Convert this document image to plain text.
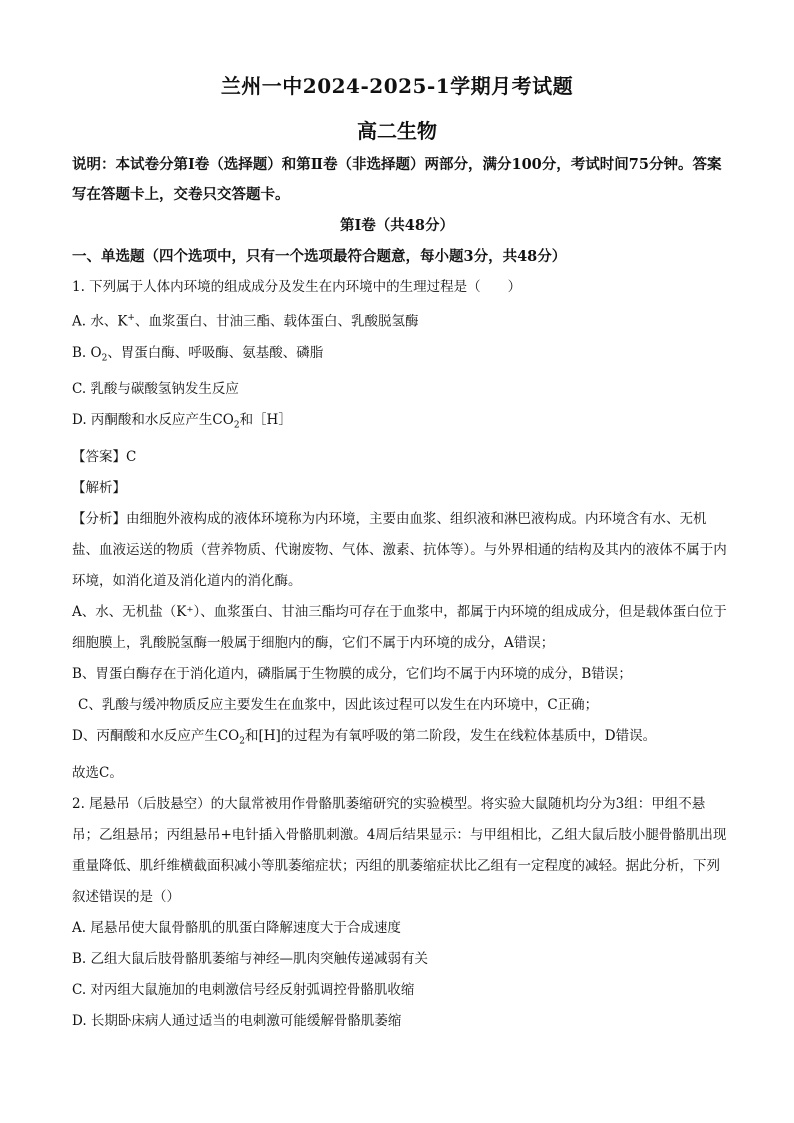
兰州一中2024-2025-1学期月考试题
高二生物
说明：本试卷分第Ⅰ卷（选择题）和第Ⅱ卷（非选择题）两部分，满分100分，考试时间75分钟。答案写在答题卡上，交卷只交答题卡。
第Ⅰ卷（共48分）
一、单选题（四个选项中，只有一个选项最符合题意，每小题3分，共48分）

1. 下列属于人体内环境的组成成分及发生在内环境中的生理过程是（　　）

A. 水、K+、血浆蛋白、甘油三酯、载体蛋白、乳酸脱氢酶

B. $O_2$、胃蛋白酶、呼吸酶、氨基酸、磷脂

C. 乳酸与碳酸氢钠发生反应

D. 丙酮酸和水反应产生$CO_2$和［H］

【答案】C

【解析】

【分析】由细胞外液构成的液体环境称为内环境，主要由血浆、组织液和淋巴液构成。内环境含有水、无机盐、血液运送的物质（营养物质、代谢废物、气体、激素、抗体等）。与外界相通的结构及其内的液体不属于内环境，如消化道及消化道内的消化酶。

A、水、无机盐（K⁺）、血浆蛋白、甘油三酯均可存在于血浆中，都属于内环境的组成成分，但是载体蛋白位于细胞膜上，乳酸脱氢酶一般属于细胞内的酶，它们不属于内环境的成分，A错误；

B、胃蛋白酶存在于消化道内，磷脂属于生物膜的成分，它们均不属于内环境的成分，B错误；

C、乳酸与缓冲物质反应主要发生在血浆中，因此该过程可以发生在内环境中，C正确；

D、丙酮酸和水反应产生$CO_2$和[H]的过程为有氧呼吸的第二阶段，发生在线粒体基质中，D错误。

故选C。

2. 尾悬吊（后肢悬空）的大鼠常被用作骨骼肌萎缩研究的实验模型。将实验大鼠随机均分为3组：甲组不悬吊；乙组悬吊；丙组悬吊+电针插入骨骼肌刺激。4周后结果显示：与甲组相比，乙组大鼠后肢小腿骨骼肌出现重量降低、肌纤维横截面积减小等肌萎缩症状；丙组的肌萎缩症状比乙组有一定程度的减轻。据此分析，下列叙述错误的是（）

A. 尾悬吊使大鼠骨骼肌的肌蛋白降解速度大于合成速度

B. 乙组大鼠后肢骨骼肌萎缩与神经—肌肉突触传递减弱有关

C. 对丙组大鼠施加的电刺激信号经反射弧调控骨骼肌收缩

D. 长期卧床病人通过适当的电刺激可能缓解骨骼肌萎缩
